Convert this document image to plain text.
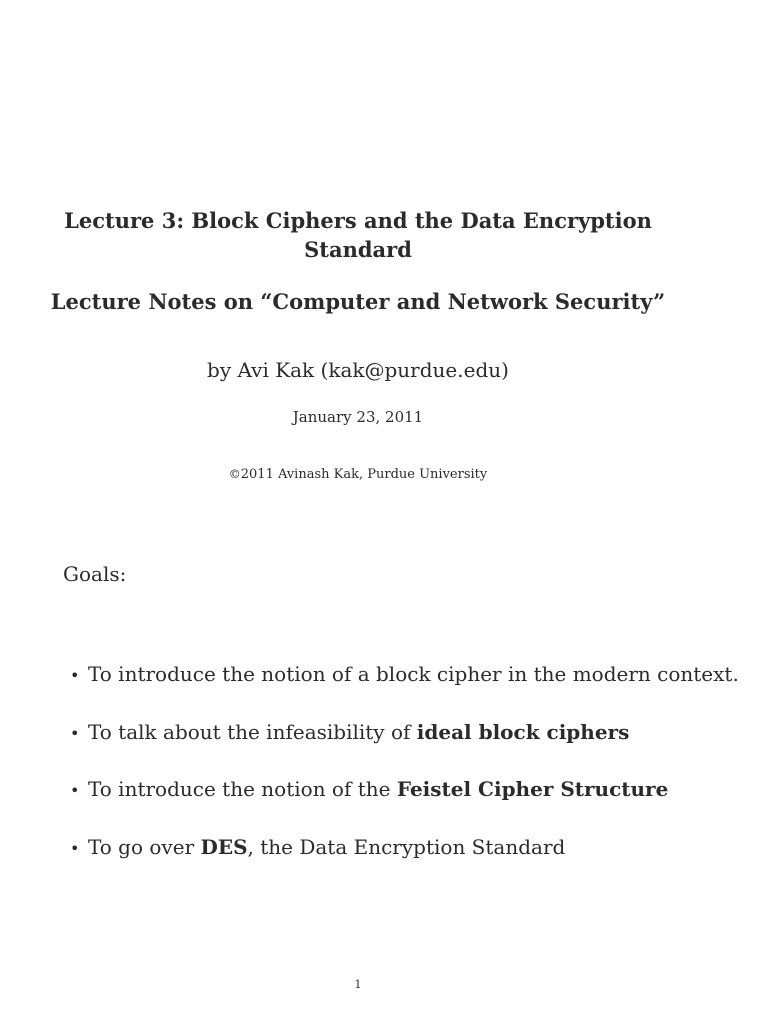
Lecture 3: Block Ciphers and the Data Encryption Standard
Lecture Notes on “Computer and Network Security”
by Avi Kak (kak@purdue.edu)
January 23, 2011
©2011 Avinash Kak, Purdue University
Goals:
• To introduce the notion of a block cipher in the modern context.
• To talk about the infeasibility of ideal block ciphers
• To introduce the notion of the Feistel Cipher Structure
• To go over DES, the Data Encryption Standard
1
